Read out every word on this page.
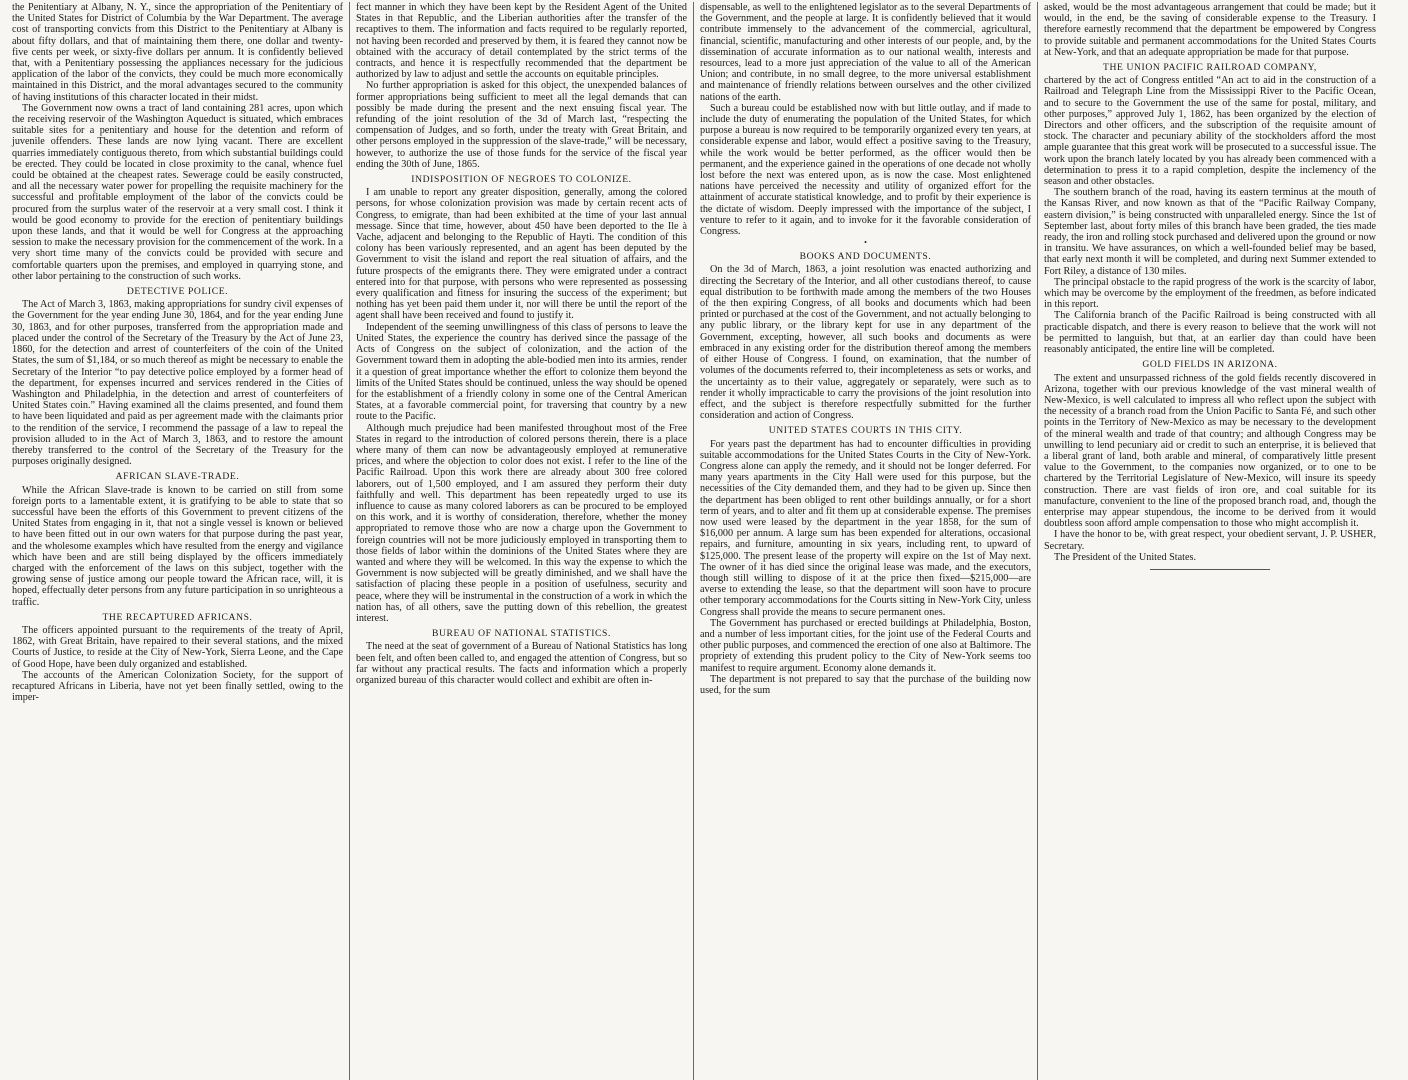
the Penitentiary at Albany, N. Y., since the appropriation of the Penitentiary of the United States for District of Columbia by the War Department. The average cost of transporting convicts from this District to the Penitentiary at Albany is about fifty dollars, and that of maintaining them there, one dollar and twenty-five cents per week, or sixty-five dollars per annum. It is confidently believed that, with a Penitentiary possessing the appliances necessary for the judicious application of the labor of the convicts, they could be much more economically maintained in this District, and the moral advantages secured to the community of having institutions of this character located in their midst.

The Government now owns a tract of land containing 281 acres, upon which the receiving reservoir of the Washington Aqueduct is situated, which embraces suitable sites for a penitentiary and house for the detention and reform of juvenile offenders. These lands are now lying vacant. There are excellent quarries immediately contiguous thereto, from which substantial buildings could be erected. They could be located in close proximity to the canal, whence fuel could be obtained at the cheapest rates. Sewerage could be easily constructed, and all the necessary water power for propelling the requisite machinery for the successful and profitable employment of the labor of the convicts could be procured from the surplus water of the reservoir at a very small cost. I think it would be good economy to provide for the erection of penitentiary buildings upon these lands, and that it would be well for Congress at the approaching session to make the necessary provision for the commencement of the work. In a very short time many of the convicts could be provided with secure and comfortable quarters upon the premises, and employed in quarrying stone, and other labor pertaining to the construction of such works.

DETECTIVE POLICE.

The Act of March 3, 1863, making appropriations for sundry civil expenses of the Government for the year ending June 30, 1864, and for the year ending June 30, 1863, and for other purposes, transferred from the appropriation made and placed under the control of the Secretary of the Treasury by the Act of June 23, 1860, for the detection and arrest of counterfeiters of the coin of the United States, the sum of $1,184, or so much thereof as might be necessary to enable the Secretary of the Interior “to pay detective police employed by a former head of the department, for expenses incurred and services rendered in the Cities of Washington and Philadelphia, in the detection and arrest of counterfeiters of United States coin.” Having examined all the claims presented, and found them to have been liquidated and paid as per agreement made with the claimants prior to the rendition of the service, I recommend the passage of a law to repeal the provision alluded to in the Act of March 3, 1863, and to restore the amount thereby transferred to the control of the Secretary of the Treasury for the purposes originally designed.

AFRICAN SLAVE-TRADE.

While the African Slave-trade is known to be carried on still from some foreign ports to a lamentable extent, it is gratifying to be able to state that so successful have been the efforts of this Government to prevent citizens of the United States from engaging in it, that not a single vessel is known or believed to have been fitted out in our own waters for that purpose during the past year, and the wholesome examples which have resulted from the energy and vigilance which have been and are still being displayed by the officers immediately charged with the enforcement of the laws on this subject, together with the growing sense of justice among our people toward the African race, will, it is hoped, effectually deter persons from any future participation in so unrighteous a traffic.

THE RECAPTURED AFRICANS.

The officers appointed pursuant to the requirements of the treaty of April, 1862, with Great Britain, have repaired to their several stations, and the mixed Courts of Justice, to reside at the City of New-York, Sierra Leone, and the Cape of Good Hope, have been duly organized and established.

The accounts of the American Colonization Society, for the support of recaptured Africans in Liberia, have not yet been finally settled, owing to the imper-

fect manner in which they have been kept by the Resident Agent of the United States in that Republic, and the Liberian authorities after the transfer of the recaptives to them. The information and facts required to be regularly reported, not having been recorded and preserved by them, it is feared they cannot now be obtained with the accuracy of detail contemplated by the strict terms of the contracts, and hence it is respectfully recommended that the department be authorized by law to adjust and settle the accounts on equitable principles.

No further appropriation is asked for this object, the unexpended balances of former appropriations being sufficient to meet all the legal demands that can possibly be made during the present and the next ensuing fiscal year. The refunding of the joint resolution of the 3d of March last, “respecting the compensation of Judges, and so forth, under the treaty with Great Britain, and other persons employed in the suppression of the slave-trade,” will be necessary, however, to authorize the use of those funds for the service of the fiscal year ending the 30th of June, 1865.

INDISPOSITION OF NEGROES TO COLONIZE.

I am unable to report any greater disposition, generally, among the colored persons, for whose colonization provision was made by certain recent acts of Congress, to emigrate, than had been exhibited at the time of your last annual message. Since that time, however, about 450 have been deported to the Ile à Vache, adjacent and belonging to the Republic of Hayti. The condition of this colony has been variously represented, and an agent has been deputed by the Government to visit the island and report the real situation of affairs, and the future prospects of the emigrants there. They were emigrated under a contract entered into for that purpose, with persons who were represented as possessing every qualification and fitness for insuring the success of the experiment; but nothing has yet been paid them under it, nor will there be until the report of the agent shall have been received and found to justify it.

Independent of the seeming unwillingness of this class of persons to leave the United States, the experience the country has derived since the passage of the Acts of Congress on the subject of colonization, and the action of the Government toward them in adopting the able-bodied men into its armies, render it a question of great importance whether the effort to colonize them beyond the limits of the United States should be continued, unless the way should be opened for the establishment of a friendly colony in some one of the Central American States, at a favorable commercial point, for traversing that country by a new route to the Pacific.

Although much prejudice had been manifested throughout most of the Free States in regard to the introduction of colored persons therein, there is a place where many of them can now be advantageously employed at remunerative prices, and where the objection to color does not exist. I refer to the line of the Pacific Railroad. Upon this work there are already about 300 free colored laborers, out of 1,500 employed, and I am assured they perform their duty faithfully and well. This department has been repeatedly urged to use its influence to cause as many colored laborers as can be procured to be employed on this work, and it is worthy of consideration, therefore, whether the money appropriated to remove those who are now a charge upon the Government to foreign countries will not be more judiciously employed in transporting them to those fields of labor within the dominions of the United States where they are wanted and where they will be welcomed. In this way the expense to which the Government is now subjected will be greatly diminished, and we shall have the satisfaction of placing these people in a position of usefulness, security and peace, where they will be instrumental in the construction of a work in which the nation has, of all others, save the putting down of this rebellion, the greatest interest.

BUREAU OF NATIONAL STATISTICS.

The need at the seat of government of a Bureau of National Statistics has long been felt, and often been called to, and engaged the attention of Congress, but so far without any practical results. The facts and information which a properly organized bureau of this character would collect and exhibit are often in-

dispensable, as well to the enlightened legislator as to the several Departments of the Government, and the people at large. It is confidently believed that it would contribute immensely to the advancement of the commercial, agricultural, financial, scientific, manufacturing and other interests of our people, and, by the dissemination of accurate information as to our national wealth, interests and resources, lead to a more just appreciation of the value to all of the American Union; and contribute, in no small degree, to the more universal establishment and maintenance of friendly relations between ourselves and the other civilized nations of the earth.

Such a bureau could be established now with but little outlay, and if made to include the duty of enumerating the population of the United States, for which purpose a bureau is now required to be temporarily organized every ten years, at considerable expense and labor, would effect a positive saving to the Treasury, while the work would be better performed, as the officer would then be permanent, and the experience gained in the operations of one decade not wholly lost before the next was entered upon, as is now the case. Most enlightened nations have perceived the necessity and utility of organized effort for the attainment of accurate statistical knowledge, and to profit by their experience is the dictate of wisdom. Deeply impressed with the importance of the subject, I venture to refer to it again, and to invoke for it the favorable consideration of Congress.

•
BOOKS AND DOCUMENTS.

On the 3d of March, 1863, a joint resolution was enacted authorizing and directing the Secretary of the Interior, and all other custodians thereof, to cause equal distribution to be forthwith made among the members of the two Houses of the then expiring Congress, of all books and documents which had been printed or purchased at the cost of the Government, and not actually belonging to any public library, or the library kept for use in any department of the Government, excepting, however, all such books and documents as were embraced in any existing order for the distribution thereof among the members of either House of Congress. I found, on examination, that the number of volumes of the documents referred to, their incompleteness as sets or works, and the uncertainty as to their value, aggregately or separately, were such as to render it wholly impracticable to carry the provisions of the joint resolution into effect, and the subject is therefore respectfully submitted for the further consideration and action of Congress.

UNITED STATES COURTS IN THIS CITY.

For years past the department has had to encounter difficulties in providing suitable accommodations for the United States Courts in the City of New-York. Congress alone can apply the remedy, and it should not be longer deferred. For many years apartments in the City Hall were used for this purpose, but the necessities of the City demanded them, and they had to be given up. Since then the department has been obliged to rent other buildings annually, or for a short term of years, and to alter and fit them up at considerable expense. The premises now used were leased by the department in the year 1858, for the sum of $16,000 per annum. A large sum has been expended for alterations, occasional repairs, and furniture, amounting in six years, including rent, to upward of $125,000. The present lease of the property will expire on the 1st of May next. The owner of it has died since the original lease was made, and the executors, though still willing to dispose of it at the price then fixed—$215,000—are averse to extending the lease, so that the department will soon have to procure other temporary accommodations for the Courts sitting in New-York City, unless Congress shall provide the means to secure permanent ones.

The Government has purchased or erected buildings at Philadelphia, Boston, and a number of less important cities, for the joint use of the Federal Courts and other public purposes, and commenced the erection of one also at Baltimore. The propriety of extending this prudent policy to the City of New-York seems too manifest to require argument. Economy alone demands it.

The department is not prepared to say that the purchase of the building now used, for the sum

asked, would be the most advantageous arrangement that could be made; but it would, in the end, be the saving of considerable expense to the Treasury. I therefore earnestly recommend that the department be empowered by Congress to provide suitable and permanent accommodations for the United States Courts at New-York, and that an adequate appropriation be made for that purpose.

THE UNION PACIFIC RAILROAD COMPANY,

chartered by the act of Congress entitled “An act to aid in the construction of a Railroad and Telegraph Line from the Mississippi River to the Pacific Ocean, and to secure to the Government the use of the same for postal, military, and other purposes,” approved July 1, 1862, has been organized by the election of Directors and other officers, and the subscription of the requisite amount of stock. The character and pecuniary ability of the stockholders afford the most ample guarantee that this great work will be prosecuted to a successful issue. The work upon the branch lately located by you has already been commenced with a determination to press it to a rapid completion, despite the inclemency of the season and other obstacles.

The southern branch of the road, having its eastern terminus at the mouth of the Kansas River, and now known as that of the “Pacific Railway Company, eastern division,” is being constructed with unparalleled energy. Since the 1st of September last, about forty miles of this branch have been graded, the ties made ready, the iron and rolling stock purchased and delivered upon the ground or now in transitu. We have assurances, on which a well-founded belief may be based, that early next month it will be completed, and during next Summer extended to Fort Riley, a distance of 130 miles.

The principal obstacle to the rapid progress of the work is the scarcity of labor, which may be overcome by the employment of the freedmen, as before indicated in this report.

The California branch of the Pacific Railroad is being constructed with all practicable dispatch, and there is every reason to believe that the work will not be permitted to languish, but that, at an earlier day than could have been reasonably anticipated, the entire line will be completed.

GOLD FIELDS IN ARIZONA.

The extent and unsurpassed richness of the gold fields recently discovered in Arizona, together with our previous knowledge of the vast mineral wealth of New-Mexico, is well calculated to impress all who reflect upon the subject with the necessity of a branch road from the Union Pacific to Santa Fé, and such other points in the Territory of New-Mexico as may be necessary to the development of the mineral wealth and trade of that country; and although Congress may be unwilling to lend pecuniary aid or credit to such an enterprise, it is believed that a liberal grant of land, both arable and mineral, of comparatively little present value to the Government, to the companies now organized, or to one to be chartered by the Territorial Legislature of New-Mexico, will insure its speedy construction. There are vast fields of iron ore, and coal suitable for its manufacture, convenient to the line of the proposed branch road, and, though the enterprise may appear stupendous, the income to be derived from it would doubtless soon afford ample compensation to those who might accomplish it.

I have the honor to be, with great respect, your obedient servant, J. P. USHER, Secretary.

The President of the United States.
